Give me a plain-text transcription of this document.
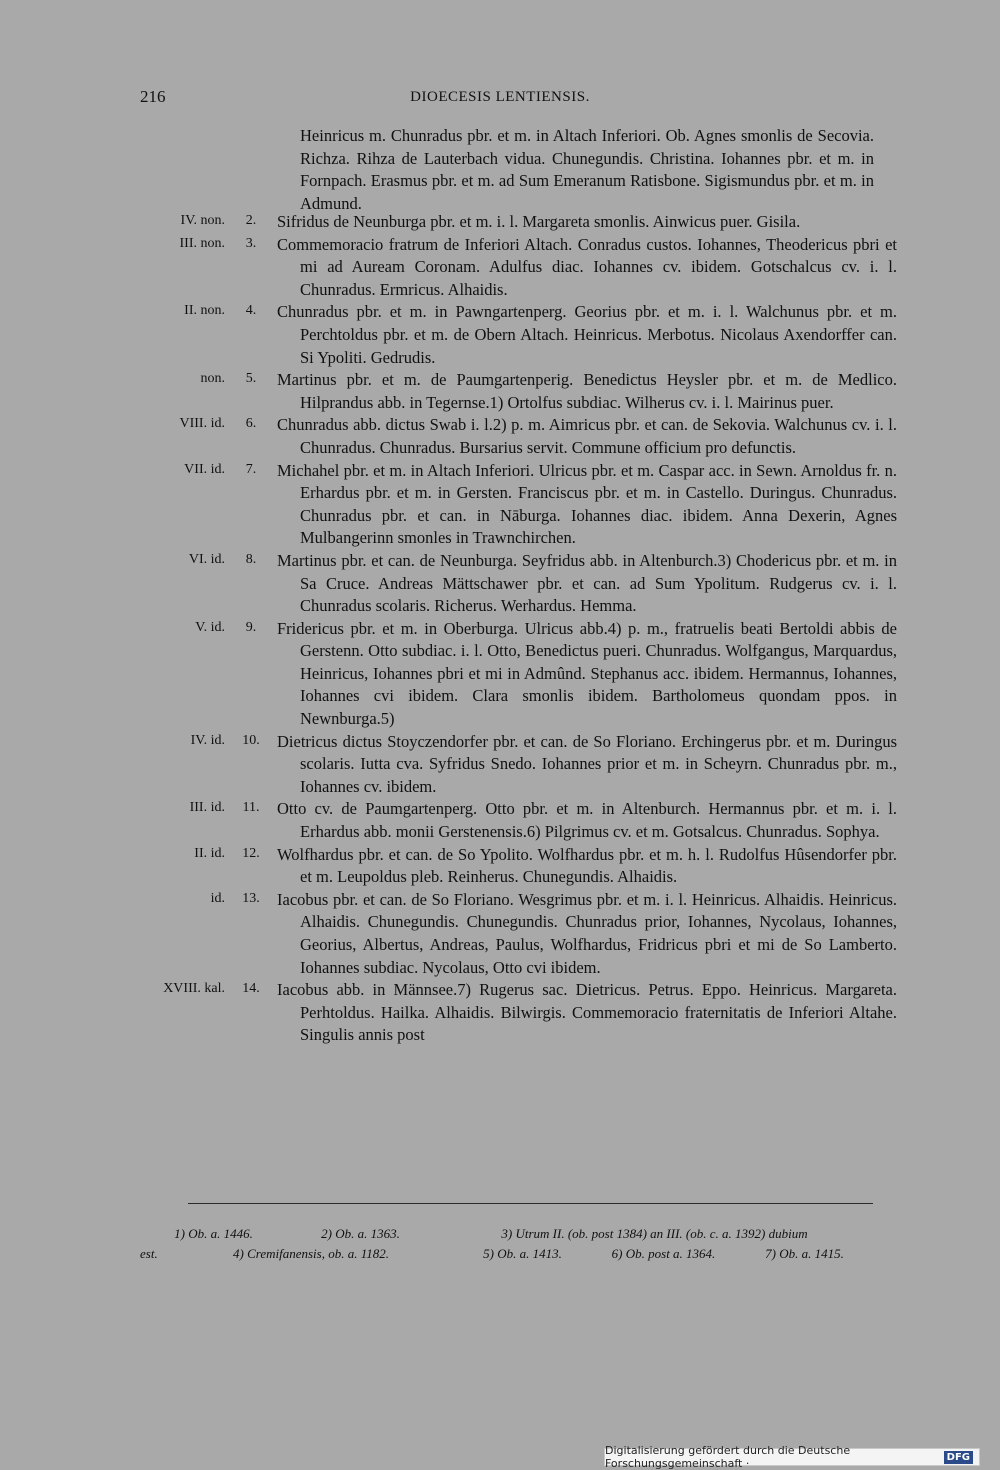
216	DIOECESIS LENTIENSIS.
Heinricus m. Chunradus pbr. et m. in Altach Inferiori. Ob. Agnes smonlis de Secovia. Richza. Rihza de Lauterbach vidua. Chunegundis. Christina. Iohannes pbr. et m. in Fornpach. Erasmus pbr. et m. ad Sum Emeranum Ratisbone. Sigismundus pbr. et m. in Admund.
IV. non.	2.	Sifridus de Neunburga pbr. et m. i. l. Margareta smonlis. Ainwicus puer. Gisila.
III. non.	3.	Commemoracio fratrum de Inferiori Altach. Conradus custos. Iohannes, Theodericus pbri et mi ad Auream Coronam. Adulfus diac. Iohannes cv. ibidem. Gotschalcus cv. i. l. Chunradus. Ermricus. Alhaidis.
II. non.	4.	Chunradus pbr. et m. in Pawngartenperg. Georius pbr. et m. i. l. Walchunus pbr. et m. Perchtoldus pbr. et m. de Obern Altach. Heinricus. Merbotus. Nicolaus Axendorffer can. Si Ypoliti. Gedrudis.
non.	5.	Martinus pbr. et m. de Paumgartenperig. Benedictus Heysler pbr. et m. de Medlico. Hilprandus abb. in Tegernse.1) Ortolfus subdiac. Wilherus cv. i. l. Mairinus puer.
VIII. id.	6.	Chunradus abb. dictus Swab i. l.2) p. m. Aimricus pbr. et can. de Sekovia. Walchunus cv. i. l. Chunradus. Chunradus. Bursarius servit. Commune officium pro defunctis.
VII. id.	7.	Michahel pbr. et m. in Altach Inferiori. Ulricus pbr. et m. Caspar acc. in Sewn. Arnoldus fr. n. Erhardus pbr. et m. in Gersten. Franciscus pbr. et m. in Castello. Duringus. Chunradus. Chunradus pbr. et can. in Nāburga. Iohannes diac. ibidem. Anna Dexerin, Agnes Mulbangerinn smonles in Trawnchirchen.
VI. id.	8.	Martinus pbr. et can. de Neunburga. Seyfridus abb. in Altenburch.3) Chodericus pbr. et m. in Sa Cruce. Andreas Mättschawer pbr. et can. ad Sum Ypolitum. Rudgerus cv. i. l. Chunradus scolaris. Richerus. Werhardus. Hemma.
V. id.	9.	Fridericus pbr. et m. in Oberburga. Ulricus abb.4) p. m., fratruelis beati Bertoldi abbis de Gerstenn. Otto subdiac. i. l. Otto, Benedictus pueri. Chunradus. Wolfgangus, Marquardus, Heinricus, Iohannes pbri et mi in Admûnd. Stephanus acc. ibidem. Hermannus, Iohannes, Iohannes cvi ibidem. Clara smonlis ibidem. Bartholomeus quondam ppos. in Newnburga.5)
IV. id. 10. Dietricus dictus Stoyczendorfer pbr. et can. de So Floriano. Erchingerus pbr. et m. Duringus scolaris. Iutta cva. Syfridus Snedo. Iohannes prior et m. in Scheyrn. Chunradus pbr. m., Iohannes cv. ibidem.
III. id. 11. Otto cv. de Paumgartenperg. Otto pbr. et m. in Altenburch. Hermannus pbr. et m. i. l. Erhardus abb. monii Gerstenensis.6) Pilgrimus cv. et m. Gotsalcus. Chunradus. Sophya.
II. id. 12. Wolfhardus pbr. et can. de So Ypolito. Wolfhardus pbr. et m. h. l. Rudolfus Hûsendorfer pbr. et m. Leupoldus pleb. Reinherus. Chunegundis. Alhaidis.
id. 13. Iacobus pbr. et can. de So Floriano. Wesgrimus pbr. et m. i. l. Heinricus. Alhaidis. Heinricus. Alhaidis. Chunegundis. Chunegundis. Chunradus prior, Iohannes, Nycolaus, Iohannes, Georius, Albertus, Andreas, Paulus, Wolfhardus, Fridricus pbri et mi de So Lamberto. Iohannes subdiac. Nycolaus, Otto cvi ibidem.
XVIII. kal. 14. Iacobus abb. in Männsee.7) Rugerus sac. Dietricus. Petrus. Eppo. Heinricus. Margareta. Perhtoldus. Hailka. Alhaidis. Bilwirgis. Commemoracio fraternitatis de Inferiori Altahe. Singulis annis post
1) Ob. a. 1446.	2) Ob. a. 1363.	3) Utrum II. (ob. post 1384) an III. (ob. c. a. 1392) dubium
est.	4) Cremifanensis, ob. a. 1182.	5) Ob. a. 1413.	6) Ob. post a. 1364.	7) Ob. a. 1415.
Digitalisierung gefördert durch die Deutsche Forschungsgemeinschaft ·	DFG
